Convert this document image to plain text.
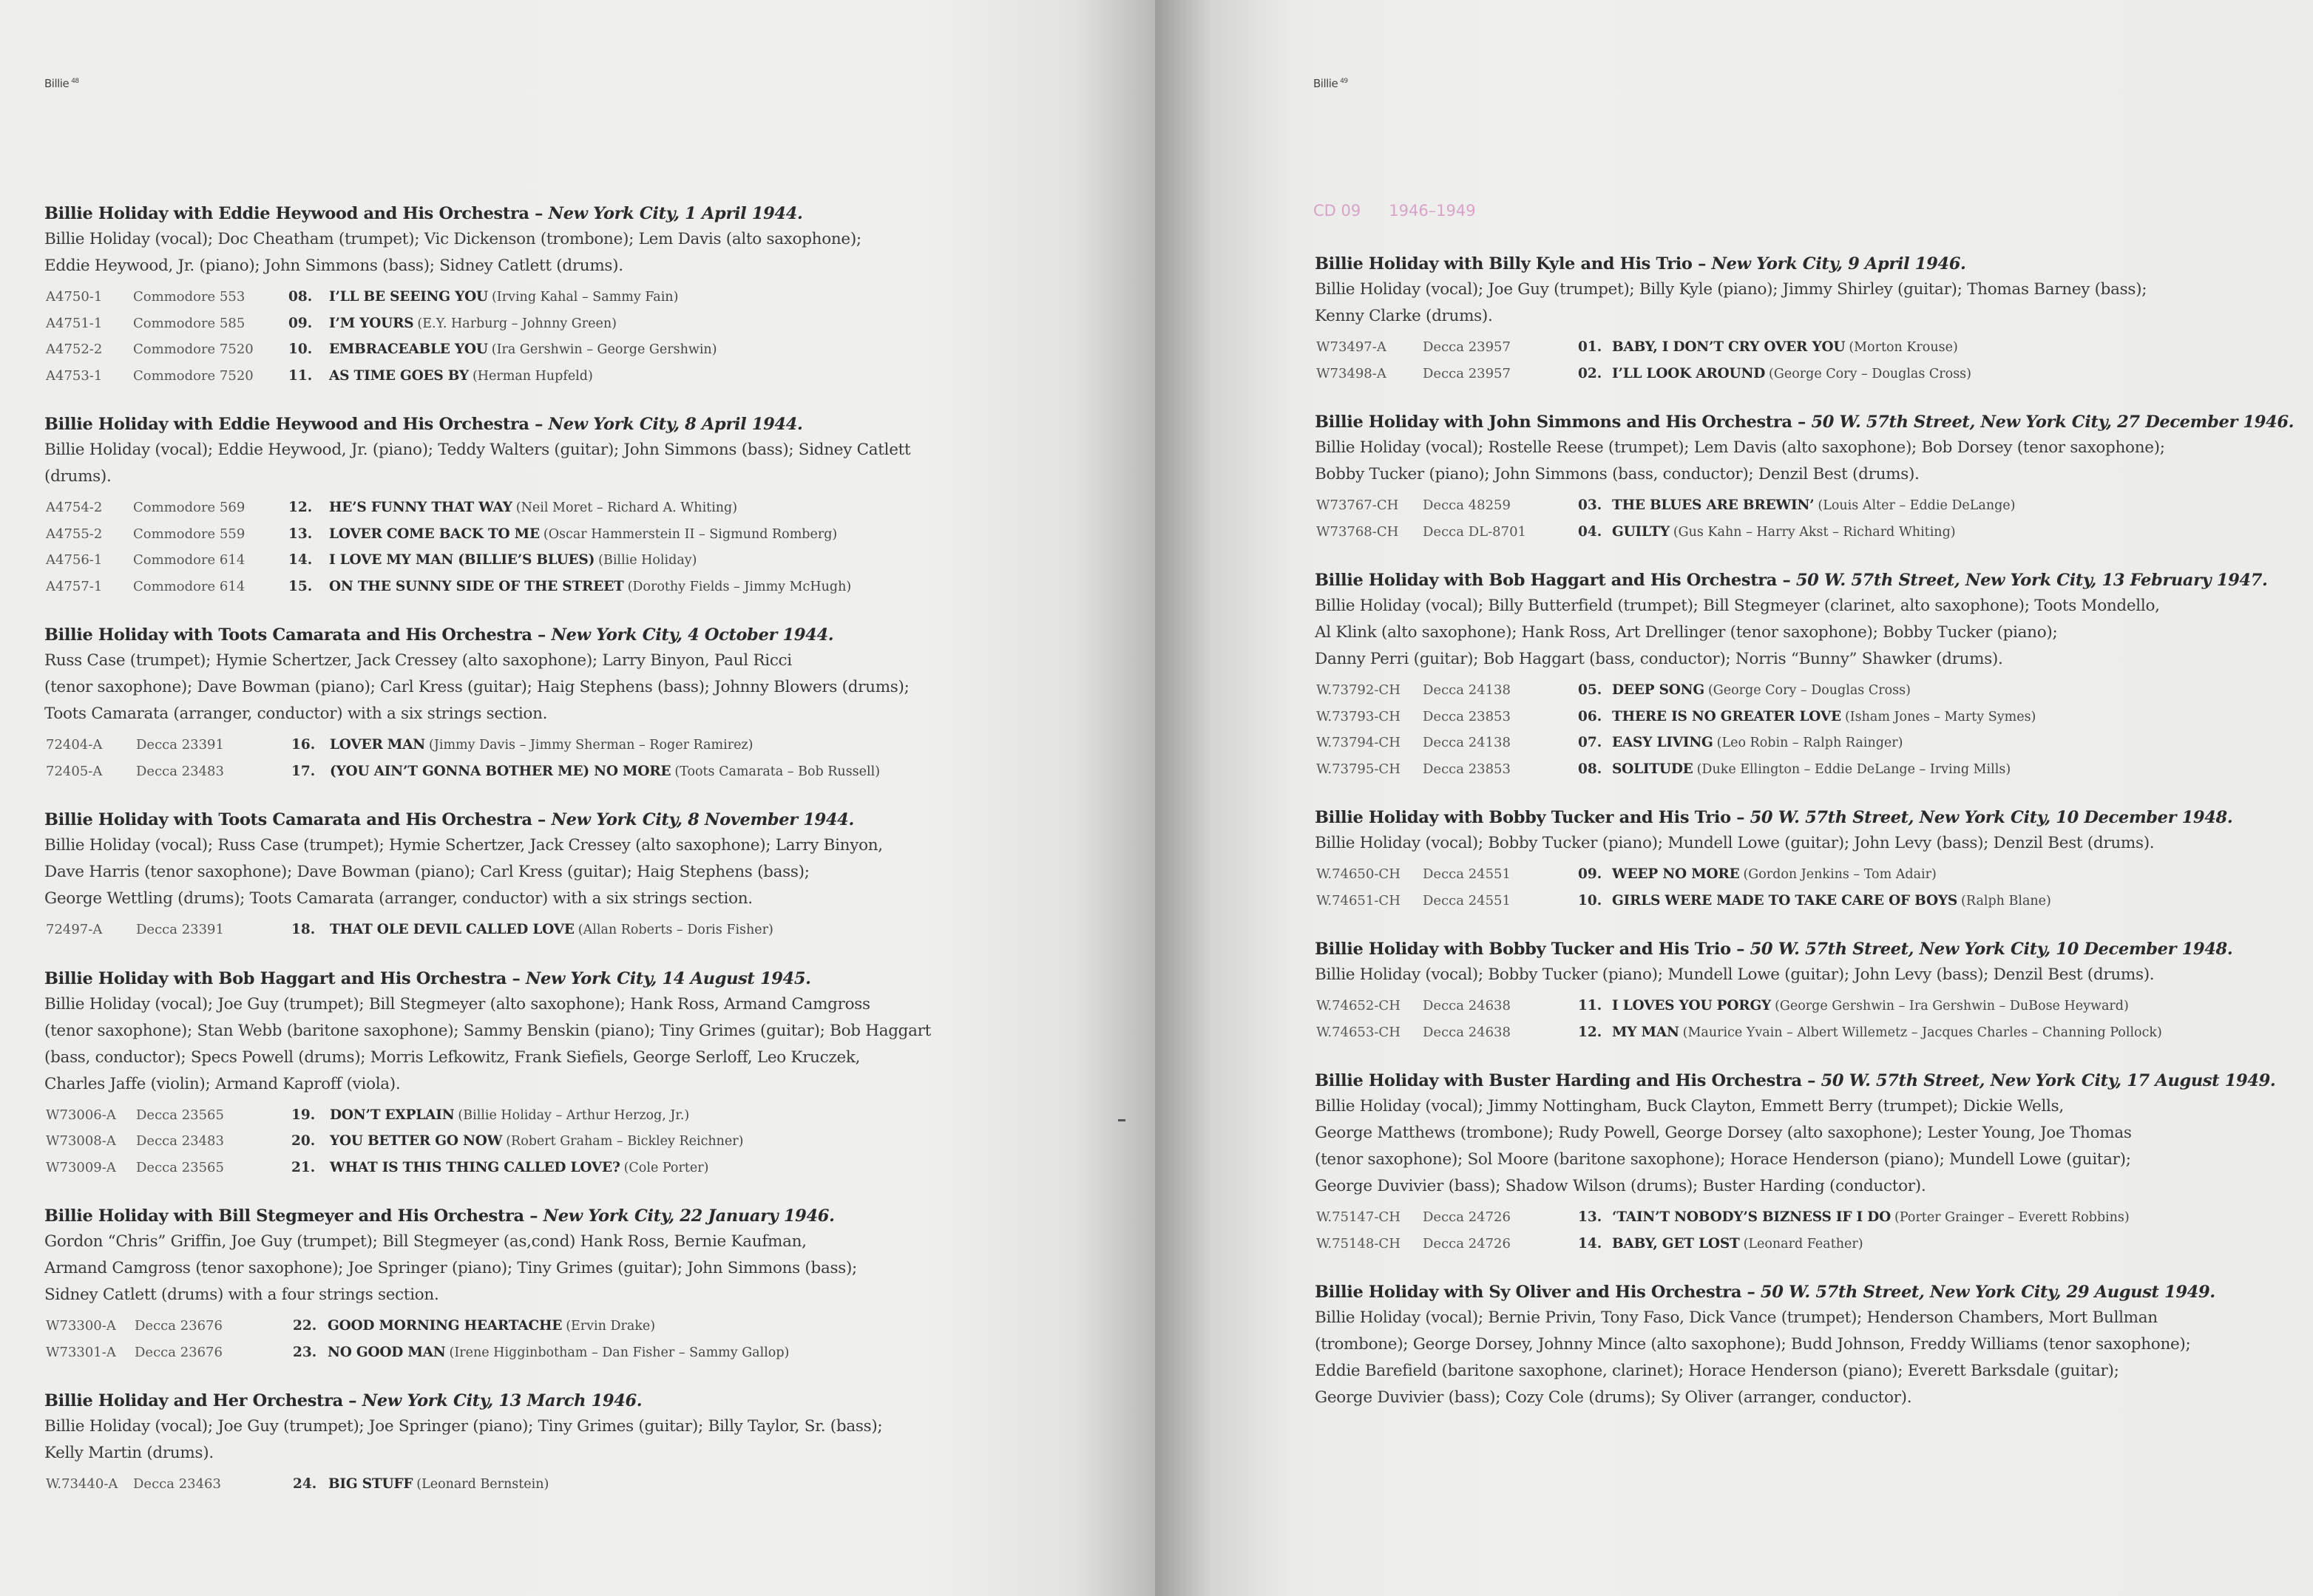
Billie $^{48}$	Billie $^{49}$
CD 09 1946–1949
Billie Holiday with Eddie Heywood and His Orchestra – New York City, 1 April 1944.
Billie Holiday (vocal); Doc Cheatham (trumpet); Vic Dickenson (trombone); Lem Davis (alto saxophone);
Eddie Heywood, Jr. (piano); John Simmons (bass); Sidney Catlett (drums).
A4750-1 Commodore 553	08. I’LL BE SEEING YOU (Irving Kahal – Sammy Fain)
A4751-1 Commodore 585	09. I’M YOURS (E.Y. Harburg – Johnny Green)
A4752-2 Commodore 7520	10. EMBRACEABLE YOU (Ira Gershwin – George Gershwin)
A4753-1 Commodore 7520	11. AS TIME GOES BY (Herman Hupfeld)
Billie Holiday with Eddie Heywood and His Orchestra – New York City, 8 April 1944.
Billie Holiday (vocal); Eddie Heywood, Jr. (piano); Teddy Walters (guitar); John Simmons (bass); Sidney Catlett (drums).
A4754-2 Commodore 569	12. HE’S FUNNY THAT WAY (Neil Moret – Richard A. Whiting)
A4755-2 Commodore 559	13. LOVER COME BACK TO ME (Oscar Hammerstein II – Sigmund Romberg)
A4756-1 Commodore 614	14. I LOVE MY MAN (BILLIE’S BLUES) (Billie Holiday)
A4757-1 Commodore 614	15. ON THE SUNNY SIDE OF THE STREET (Dorothy Fields – Jimmy McHugh)
Billie Holiday with Toots Camarata and His Orchestra – New York City, 4 October 1944.
Russ Case (trumpet); Hymie Schertzer, Jack Cressey (alto saxophone); Larry Binyon, Paul Ricci
(tenor saxophone); Dave Bowman (piano); Carl Kress (guitar); Haig Stephens (bass); Johnny Blowers (drums);
Toots Camarata (arranger, conductor) with a six strings section.
72404-A	Decca 23391	16. LOVER MAN (Jimmy Davis – Jimmy Sherman – Roger Ramirez)
72405-A	Decca 23483	17. (YOU AIN’T GONNA BOTHER ME) NO MORE (Toots Camarata – Bob Russell)
Billie Holiday with Toots Camarata and His Orchestra – New York City, 8 November 1944.
Billie Holiday (vocal); Russ Case (trumpet); Hymie Schertzer, Jack Cressey (alto saxophone); Larry Binyon,
Dave Harris (tenor saxophone); Dave Bowman (piano); Carl Kress (guitar); Haig Stephens (bass);
George Wettling (drums); Toots Camarata (arranger, conductor) with a six strings section.
72497-A	Decca 23391	18. THAT OLE DEVIL CALLED LOVE (Allan Roberts – Doris Fisher)
Billie Holiday with Bob Haggart and His Orchestra – New York City, 14 August 1945.
Billie Holiday (vocal); Joe Guy (trumpet); Bill Stegmeyer (alto saxophone); Hank Ross, Armand Camgross
(tenor saxophone); Stan Webb (baritone saxophone); Sammy Benskin (piano); Tiny Grimes (guitar); Bob Haggart
(bass, conductor); Specs Powell (drums); Morris Lefkowitz, Frank Siefiels, George Serloff, Leo Kruczek,
Charles Jaffe (violin); Armand Kaproff (viola).
W73006-A Decca 23565	19. DON’T EXPLAIN (Billie Holiday – Arthur Herzog, Jr.)
W73008-A Decca 23483	20. YOU BETTER GO NOW (Robert Graham – Bickley Reichner)
W73009-A Decca 23565	21. WHAT IS THIS THING CALLED LOVE? (Cole Porter)
Billie Holiday with Bill Stegmeyer and His Orchestra – New York City, 22 January 1946.
Gordon “Chris” Griffin, Joe Guy (trumpet); Bill Stegmeyer (as,cond) Hank Ross, Bernie Kaufman,
Armand Camgross (tenor saxophone); Joe Springer (piano); Tiny Grimes (guitar); John Simmons (bass);
Sidney Catlett (drums) with a four strings section.
W73300-A Decca 23676	22. GOOD MORNING HEARTACHE (Ervin Drake)
W73301-A Decca 23676	23. NO GOOD MAN (Irene Higginbotham – Dan Fisher – Sammy Gallop)
Billie Holiday and Her Orchestra – New York City, 13 March 1946.
Billie Holiday (vocal); Joe Guy (trumpet); Joe Springer (piano); Tiny Grimes (guitar); Billy Taylor, Sr. (bass);
Kelly Martin (drums).
W.73440-A Decca 23463	24. BIG STUFF (Leonard Bernstein)
Billie Holiday with Billy Kyle and His Trio – New York City, 9 April 1946.
Billie Holiday (vocal); Joe Guy (trumpet); Billy Kyle (piano); Jimmy Shirley (guitar); Thomas Barney (bass);
Kenny Clarke (drums).
W73497-A	Decca 23957	01. BABY, I DON’T CRY OVER YOU (Morton Krouse)
W73498-A	Decca 23957	02. I’LL LOOK AROUND (George Cory – Douglas Cross)
Billie Holiday with John Simmons and His Orchestra – 50 W. 57th Street, New York City, 27 December 1946.
Billie Holiday (vocal); Rostelle Reese (trumpet); Lem Davis (alto saxophone); Bob Dorsey (tenor saxophone);
Bobby Tucker (piano); John Simmons (bass, conductor); Denzil Best (drums).
W73767-CH Decca 48259	03. THE BLUES ARE BREWIN’ (Louis Alter – Eddie DeLange)
W73768-CH Decca DL-8701	04. GUILTY (Gus Kahn – Harry Akst – Richard Whiting)
Billie Holiday with Bob Haggart and His Orchestra – 50 W. 57th Street, New York City, 13 February 1947.
Billie Holiday (vocal); Billy Butterfield (trumpet); Bill Stegmeyer (clarinet, alto saxophone); Toots Mondello,
Al Klink (alto saxophone); Hank Ross, Art Drellinger (tenor saxophone); Bobby Tucker (piano);
Danny Perri (guitar); Bob Haggart (bass, conductor); Norris “Bunny” Shawker (drums).
W.73792-CH Decca 24138	05. DEEP SONG (George Cory – Douglas Cross)
W.73793-CH Decca 23853	06. THERE IS NO GREATER LOVE (Isham Jones – Marty Symes)
W.73794-CH Decca 24138	07. EASY LIVING (Leo Robin – Ralph Rainger)
W.73795-CH Decca 23853	08. SOLITUDE (Duke Ellington – Eddie DeLange – Irving Mills)
Billie Holiday with Bobby Tucker and His Trio – 50 W. 57th Street, New York City, 10 December 1948.
Billie Holiday (vocal); Bobby Tucker (piano); Mundell Lowe (guitar); John Levy (bass); Denzil Best (drums).
W.74650-CH Decca 24551	09. WEEP NO MORE (Gordon Jenkins – Tom Adair)
W.74651-CH Decca 24551	10. GIRLS WERE MADE TO TAKE CARE OF BOYS (Ralph Blane)
Billie Holiday with Bobby Tucker and His Trio – 50 W. 57th Street, New York City, 10 December 1948.
Billie Holiday (vocal); Bobby Tucker (piano); Mundell Lowe (guitar); John Levy (bass); Denzil Best (drums).
W.74652-CH Decca 24638	11. I LOVES YOU PORGY (George Gershwin – Ira Gershwin – DuBose Heyward)
W.74653-CH Decca 24638	12. MY MAN (Maurice Yvain – Albert Willemetz – Jacques Charles – Channing Pollock)
Billie Holiday with Buster Harding and His Orchestra – 50 W. 57th Street, New York City, 17 August 1949.
Billie Holiday (vocal); Jimmy Nottingham, Buck Clayton, Emmett Berry (trumpet); Dickie Wells,
George Matthews (trombone); Rudy Powell, George Dorsey (alto saxophone); Lester Young, Joe Thomas
(tenor saxophone); Sol Moore (baritone saxophone); Horace Henderson (piano); Mundell Lowe (guitar);
George Duvivier (bass); Shadow Wilson (drums); Buster Harding (conductor).
W.75147-CH Decca 24726	13. ‘TAIN’T NOBODY’S BIZNESS IF I DO (Porter Grainger – Everett Robbins)
W.75148-CH Decca 24726	14. BABY, GET LOST (Leonard Feather)
Billie Holiday with Sy Oliver and His Orchestra – 50 W. 57th Street, New York City, 29 August 1949.
Billie Holiday (vocal); Bernie Privin, Tony Faso, Dick Vance (trumpet); Henderson Chambers, Mort Bullman
(trombone); George Dorsey, Johnny Mince (alto saxophone); Budd Johnson, Freddy Williams (tenor saxophone);
Eddie Barefield (baritone saxophone, clarinet); Horace Henderson (piano); Everett Barksdale (guitar);
George Duvivier (bass); Cozy Cole (drums); Sy Oliver (arranger, conductor).
